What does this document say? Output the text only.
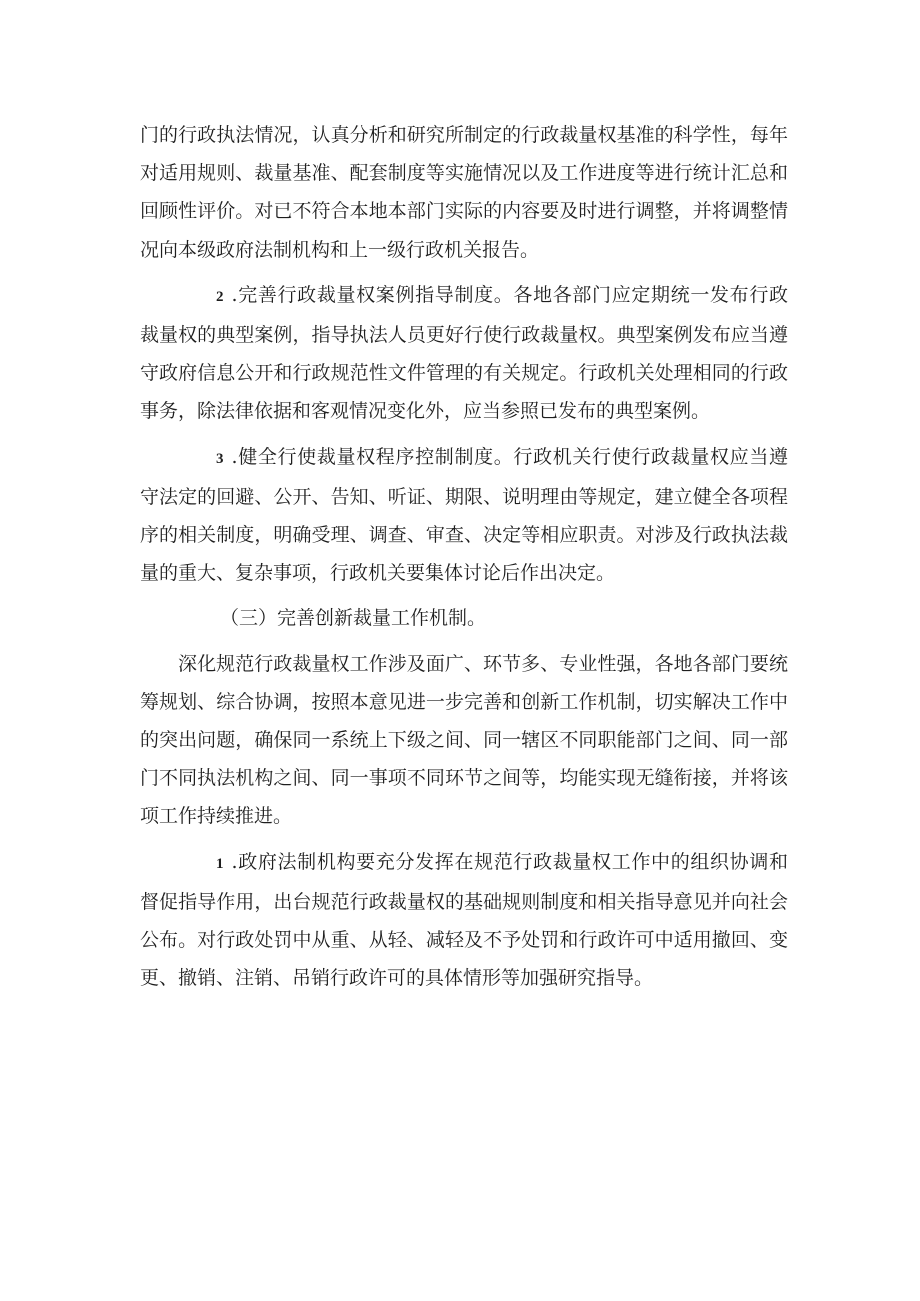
门的行政执法情况，认真分析和研究所制定的行政裁量权基准的科学性，每年对适用规则、裁量基准、配套制度等实施情况以及工作进度等进行统计汇总和回顾性评价。对已不符合本地本部门实际的内容要及时进行调整，并将调整情况向本级政府法制机构和上一级行政机关报告。

2 .完善行政裁量权案例指导制度。各地各部门应定期统一发布行政裁量权的典型案例，指导执法人员更好行使行政裁量权。典型案例发布应当遵守政府信息公开和行政规范性文件管理的有关规定。行政机关处理相同的行政事务，除法律依据和客观情况变化外，应当参照已发布的典型案例。

3 .健全行使裁量权程序控制制度。行政机关行使行政裁量权应当遵守法定的回避、公开、告知、听证、期限、说明理由等规定，建立健全各项程序的相关制度，明确受理、调查、审查、决定等相应职责。对涉及行政执法裁量的重大、复杂事项，行政机关要集体讨论后作出决定。

（三）完善创新裁量工作机制。

深化规范行政裁量权工作涉及面广、环节多、专业性强，各地各部门要统筹规划、综合协调，按照本意见进一步完善和创新工作机制，切实解决工作中的突出问题，确保同一系统上下级之间、同一辖区不同职能部门之间、同一部门不同执法机构之间、同一事项不同环节之间等，均能实现无缝衔接，并将该项工作持续推进。

1 .政府法制机构要充分发挥在规范行政裁量权工作中的组织协调和督促指导作用，出台规范行政裁量权的基础规则制度和相关指导意见并向社会公布。对行政处罚中从重、从轻、减轻及不予处罚和行政许可中适用撤回、变更、撤销、注销、吊销行政许可的具体情形等加强研究指导。
